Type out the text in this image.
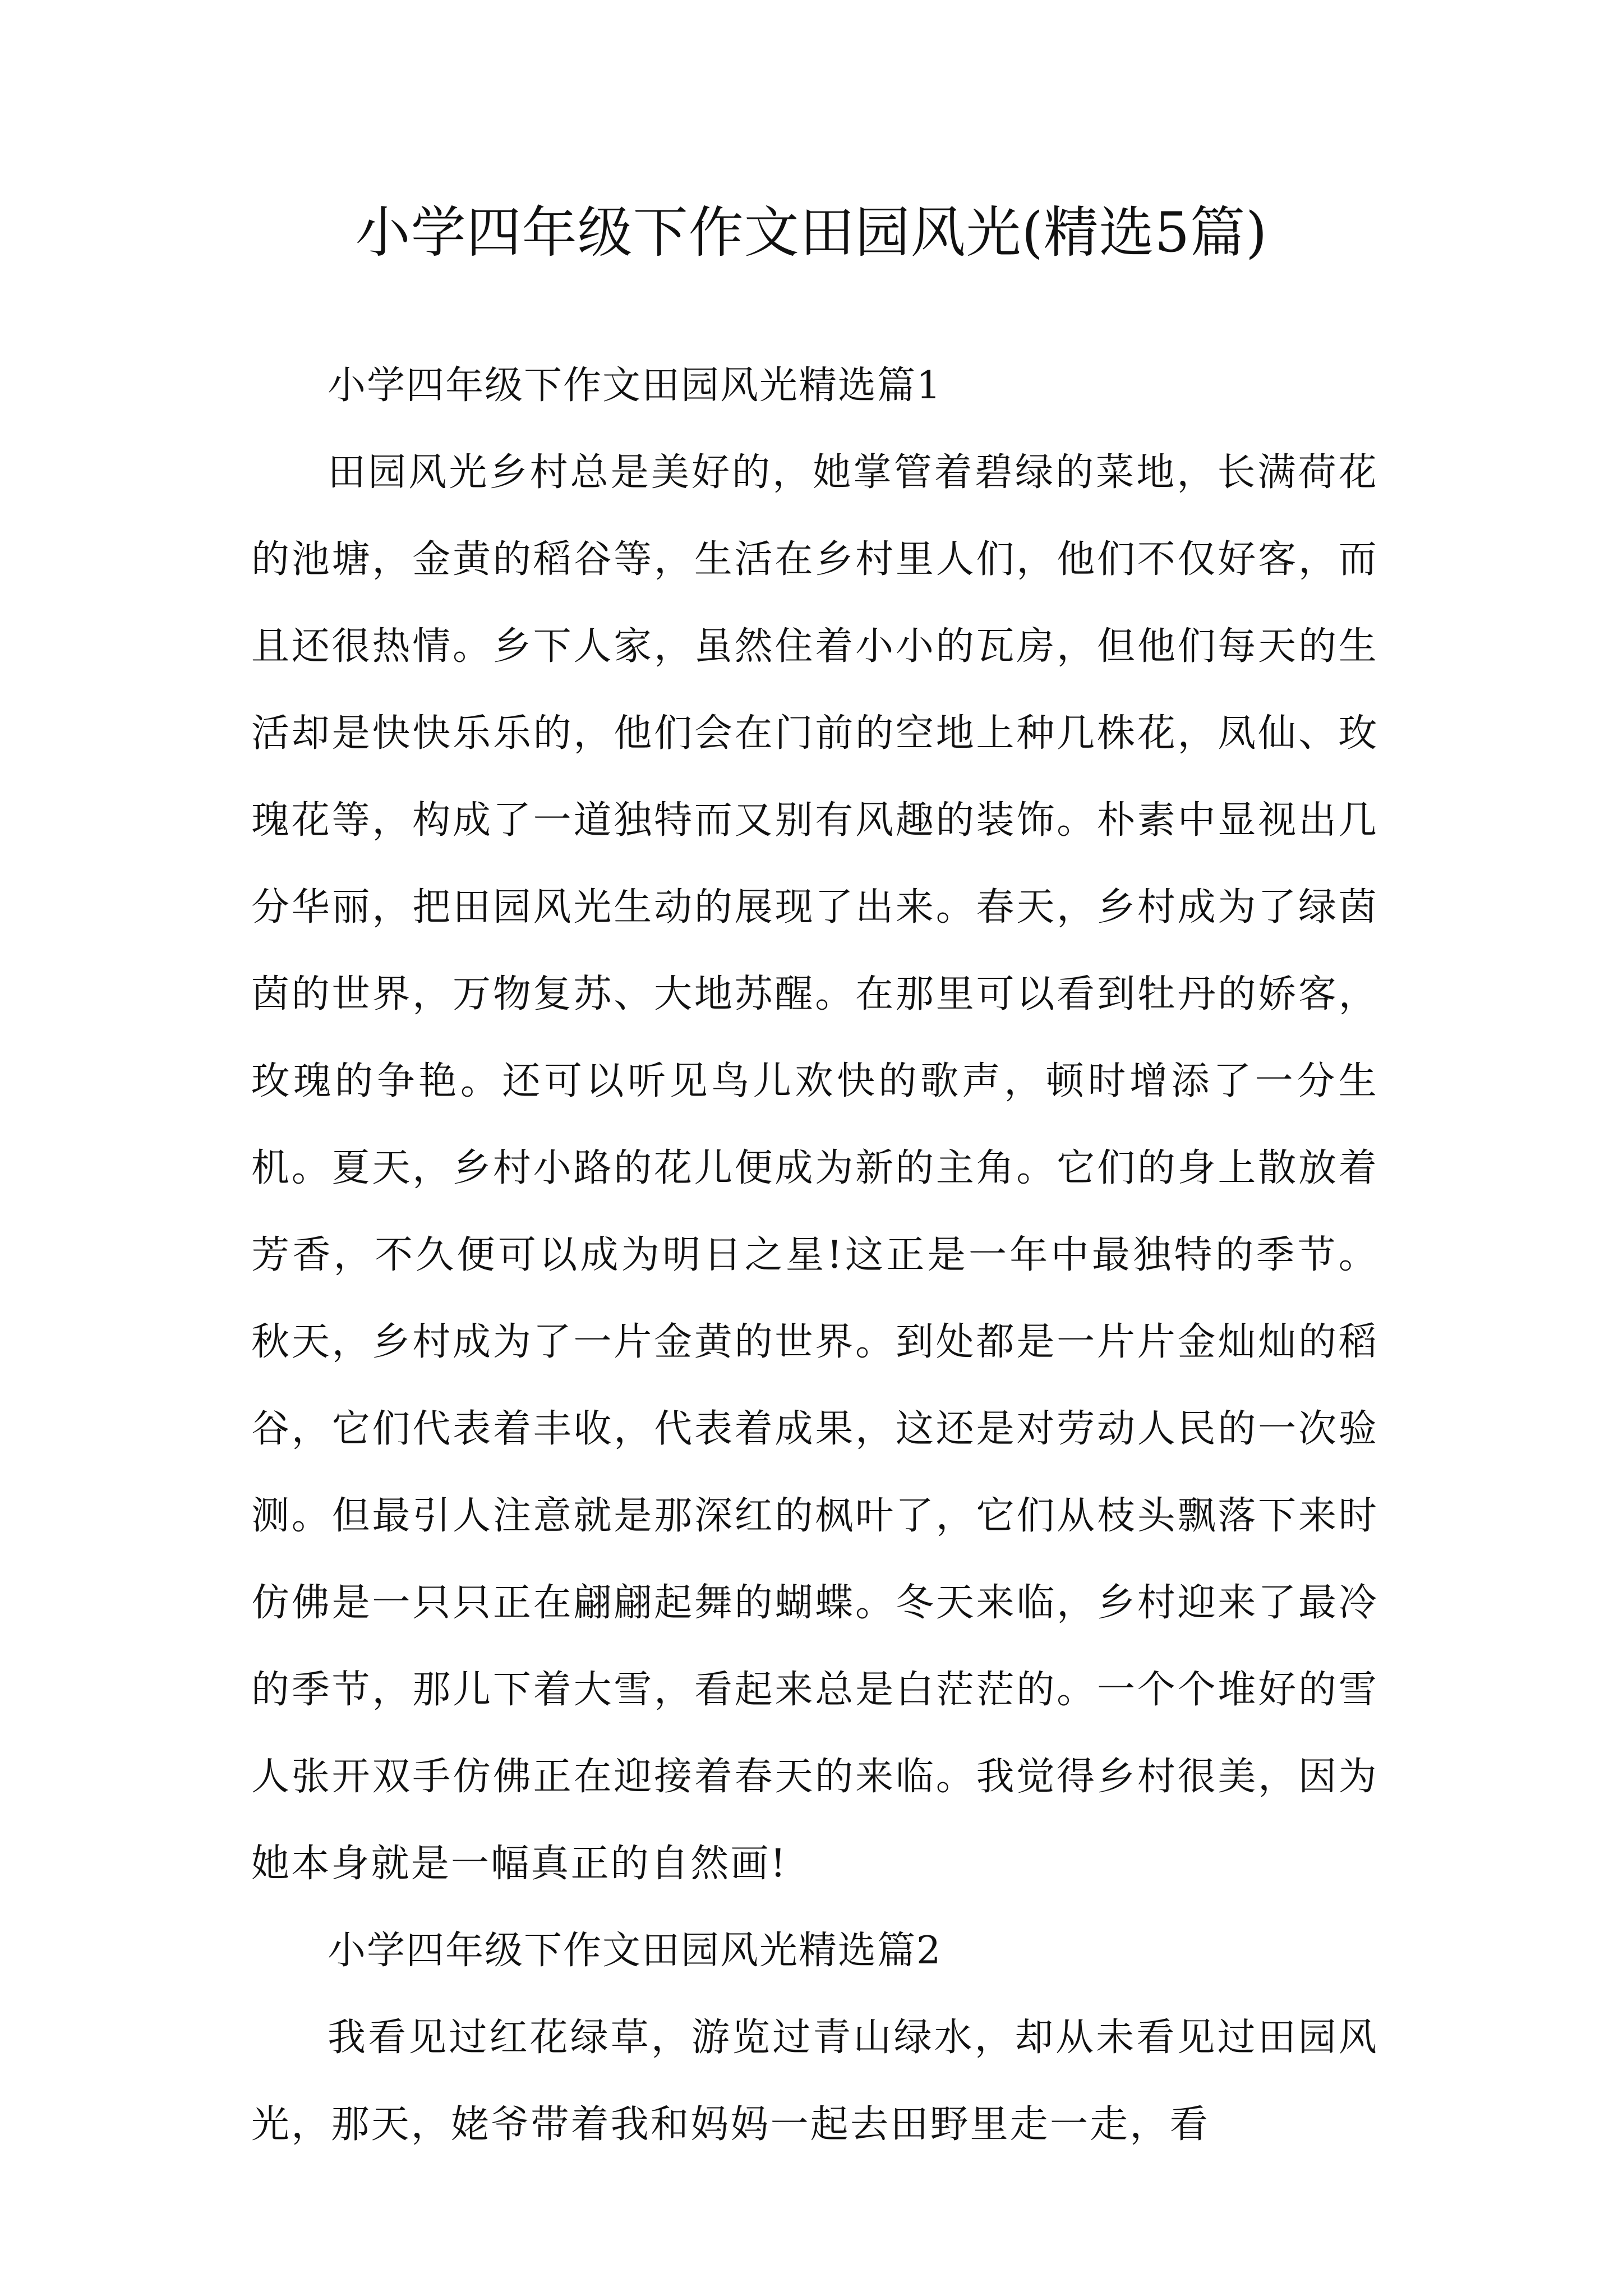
小学四年级下作文田园风光(精选5篇)

小学四年级下作文田园风光精选篇1

田园风光乡村总是美好的，她掌管着碧绿的菜地，长满荷花的池塘，金黄的稻谷等，生活在乡村里人们，他们不仅好客，而且还很热情。乡下人家，虽然住着小小的瓦房，但他们每天的生活却是快快乐乐的，他们会在门前的空地上种几株花，凤仙、玫瑰花等，构成了一道独特而又别有风趣的装饰。朴素中显视出几分华丽，把田园风光生动的展现了出来。春天，乡村成为了绿茵茵的世界，万物复苏、大地苏醒。在那里可以看到牡丹的娇客，玫瑰的争艳。还可以听见鸟儿欢快的歌声，顿时增添了一分生机。夏天，乡村小路的花儿便成为新的主角。它们的身上散放着芳香，不久便可以成为明日之星!这正是一年中最独特的季节。秋天，乡村成为了一片金黄的世界。到处都是一片片金灿灿的稻谷，它们代表着丰收，代表着成果，这还是对劳动人民的一次验测。但最引人注意就是那深红的枫叶了，它们从枝头飘落下来时仿佛是一只只正在翩翩起舞的蝴蝶。冬天来临，乡村迎来了最冷的季节，那儿下着大雪，看起来总是白茫茫的。一个个堆好的雪人张开双手仿佛正在迎接着春天的来临。我觉得乡村很美，因为她本身就是一幅真正的自然画!

小学四年级下作文田园风光精选篇2

我看见过红花绿草，游览过青山绿水，却从未看见过田园风光，那天，姥爷带着我和妈妈一起去田野里走一走，看
